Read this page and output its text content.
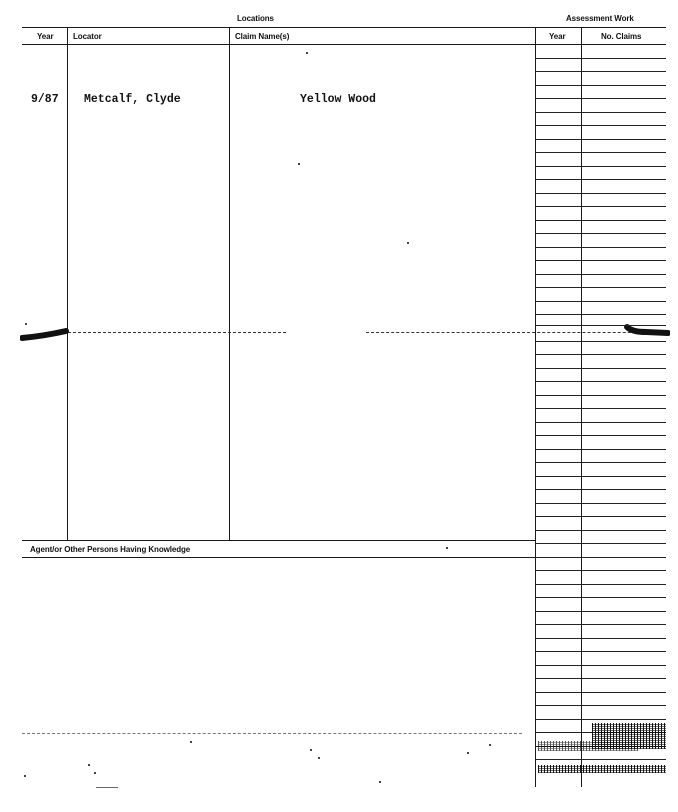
Locations	Assessment Work
Year Locator	Claim Name(s)	Year	No. Claims
9/87 Metcalf, Clyde	Yellow Wood
Agent/or Other Persons Having Knowledge
